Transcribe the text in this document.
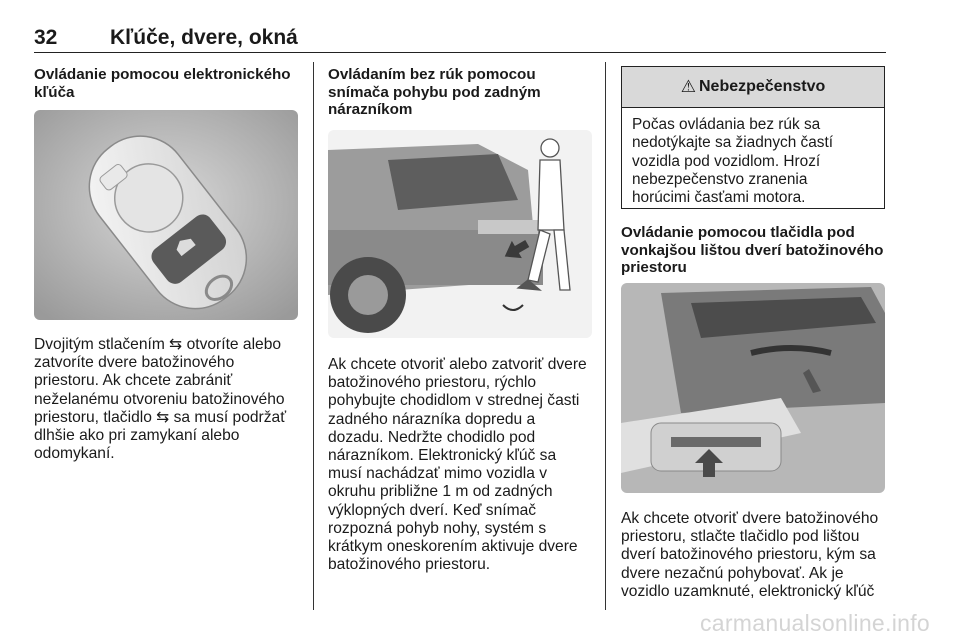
32	Kľúče, dvere, okná

Ovládanie pomocou elektronického kľúča

Dvojitým stlačením ⇆ otvoríte alebo
zatvoríte dvere batožinového
priestoru. Ak chcete zabrániť
neželanému otvoreniu batožinového
priestoru, tlačidlo ⇆ sa musí podržať
dlhšie ako pri zamykaní alebo
odomykaní.

Ovládaním bez rúk pomocou snímača pohybu pod zadným nárazníkom

Ak chcete otvoriť alebo zatvoriť dvere
batožinového priestoru, rýchlo
pohybujte chodidlom v strednej časti
zadného nárazníka dopredu a
dozadu. Nedržte chodidlo pod
nárazníkom. Elektronický kľúč sa
musí nachádzať mimo vozidla v
okruhu približne 1 m od zadných
výklopných dverí. Keď snímač
rozpozná pohyb nohy, systém s
krátkym oneskorením aktivuje dvere
batožinového priestoru.

⚠ Nebezpečenstvo
Počas ovládania bez rúk sa
nedotýkajte sa žiadnych častí
vozidla pod vozidlom. Hrozí
nebezpečenstvo zranenia
horúcimi časťami motora.

Ovládanie pomocou tlačidla pod vonkajšou lištou dverí batožinového priestoru

Ak chcete otvoriť dvere batožinového
priestoru, stlačte tlačidlo pod lištou
dverí batožinového priestoru, kým sa
dvere nezačnú pohybovať. Ak je
vozidlo uzamknuté, elektronický kľúč

carmanualsonline.info
